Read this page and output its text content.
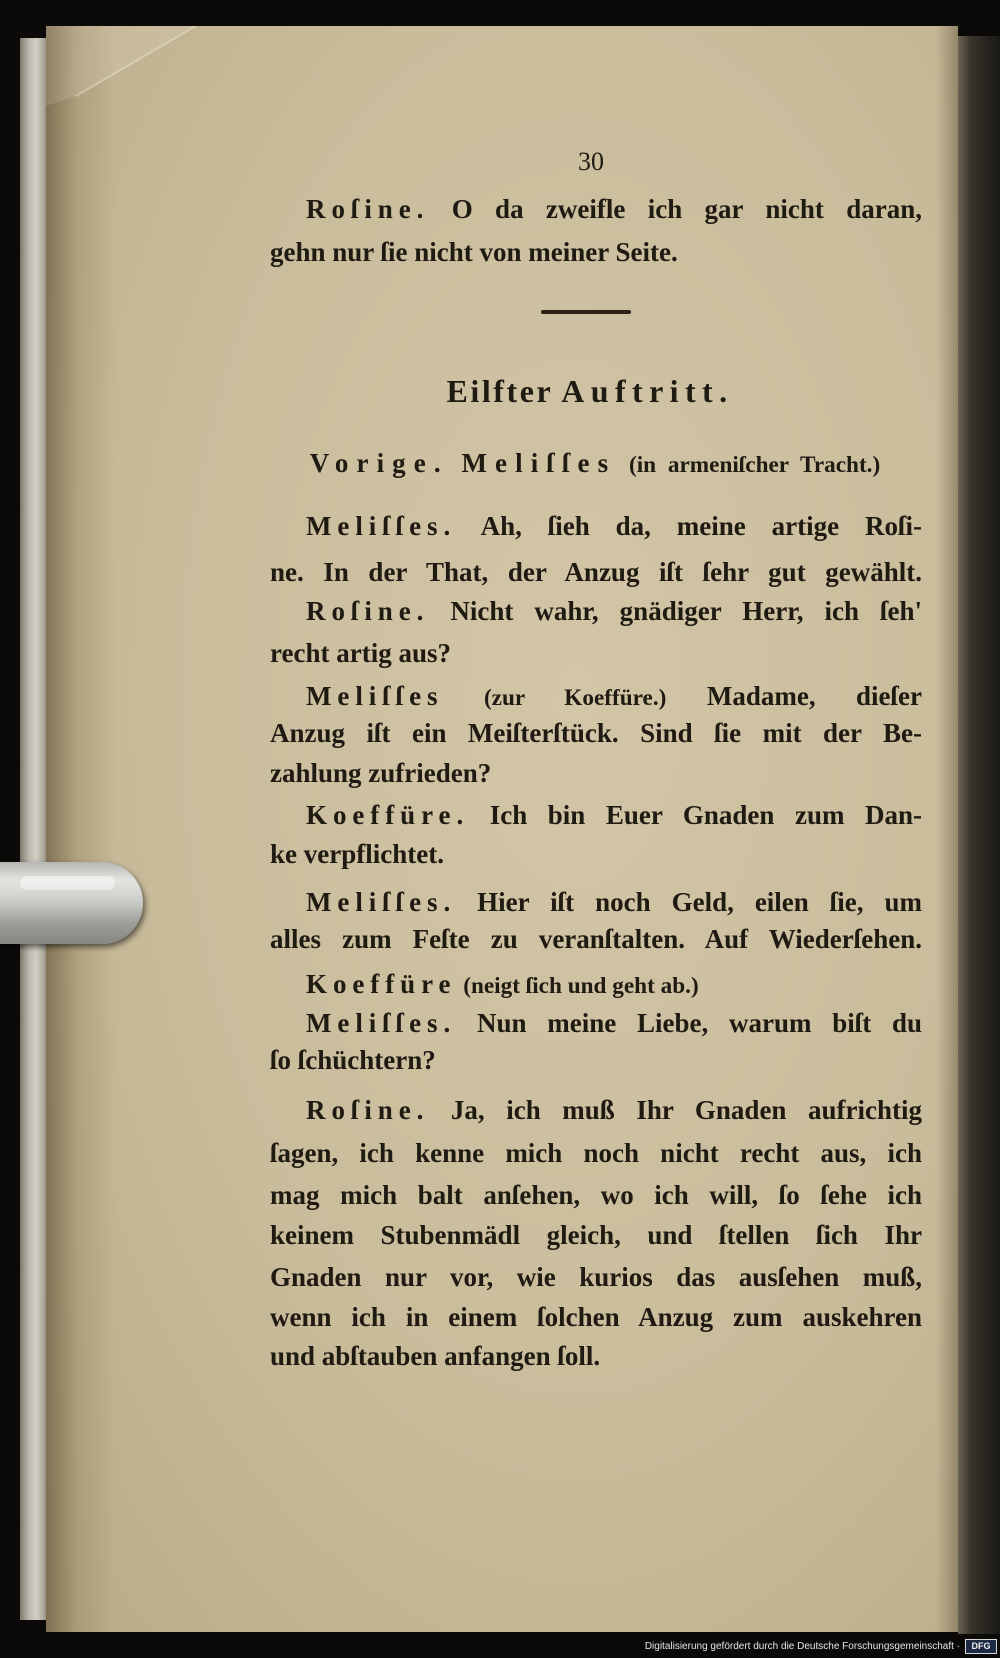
30
Roſine. O da zweifle ich gar nicht daran,
gehn nur ſie nicht von meiner Seite.
Eilfter Auftritt.
Vorige. Meliſſes (in armeniſcher Tracht.)
Meliſſes. Ah, ſieh da, meine artige Roſi-
ne. In der That, der Anzug iſt ſehr gut gewählt.
Roſine. Nicht wahr, gnädiger Herr, ich ſeh'
recht artig aus?
Meliſſes (zur Koeffüre.) Madame, dieſer
Anzug iſt ein Meiſterſtück. Sind ſie mit der Be-
zahlung zufrieden?
Koeffüre. Ich bin Euer Gnaden zum Dan-
ke verpflichtet.
Meliſſes. Hier iſt noch Geld, eilen ſie, um
alles zum Feſte zu veranſtalten. Auf Wiederſehen.
Koeffüre (neigt ſich und geht ab.)
Meliſſes. Nun meine Liebe, warum biſt du
ſo ſchüchtern?
Roſine. Ja, ich muß Ihr Gnaden aufrichtig
ſagen, ich kenne mich noch nicht recht aus, ich
mag mich balt anſehen, wo ich will, ſo ſehe ich
keinem Stubenmädl gleich, und ſtellen ſich Ihr
Gnaden nur vor, wie kurios das ausſehen muß,
wenn ich in einem ſolchen Anzug zum auskehren
und abſtauben anfangen ſoll.
Digitalisierung gefördert durch die Deutsche Forschungsgemeinschaft ·	DFG
